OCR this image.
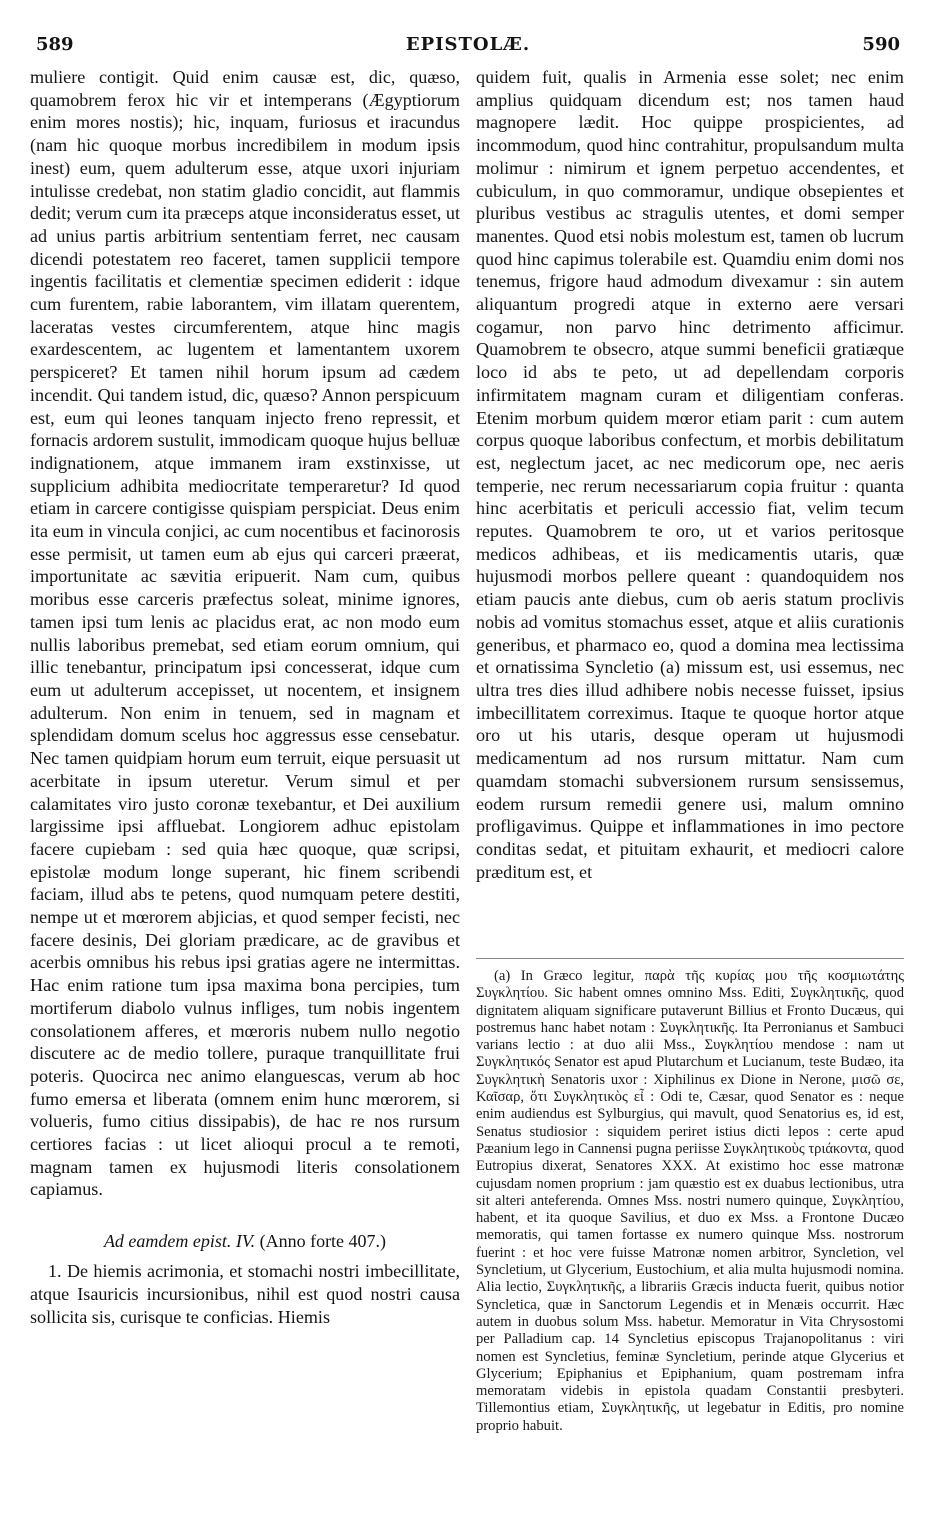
589	EPISTOLÆ.	590

muliere contigit. Quid enim causæ est, dic, quæso, quamobrem ferox hic vir et intemperans (Ægyptiorum enim mores nostis); hic, inquam, furiosus et iracundus (nam hic quoque morbus incredibilem in modum ipsis inest) eum, quem adulterum esse, atque uxori injuriam intulisse credebat, non statim gladio concidit, aut flammis dedit; verum cum ita præceps atque inconsideratus esset, ut ad unius partis arbitrium sententiam ferret, nec causam dicendi potestatem reo faceret, tamen supplicii tempore ingentis facilitatis et clementiæ specimen ediderit : idque cum furentem, rabie laborantem, vim illatam querentem, laceratas vestes circumferentem, atque hinc magis exardescentem, ac lugentem et lamentantem uxorem perspiceret? Et tamen nihil horum ipsum ad cædem incendit. Qui tandem istud, dic, quæso? Annon perspicuum est, eum qui leones tanquam injecto freno repressit, et fornacis ardorem sustulit, immodicam quoque hujus belluæ indignationem, atque immanem iram exstinxisse, ut supplicium adhibita mediocritate temperaretur? Id quod etiam in carcere contigisse quispiam perspiciat. Deus enim ita eum in vincula conjici, ac cum nocentibus et facinorosis esse permisit, ut tamen eum ab ejus qui carceri præerat, importunitate ac sævitia eripuerit. Nam cum, quibus moribus esse carceris præfectus soleat, minime ignores, tamen ipsi tum lenis ac placidus erat, ac non modo eum nullis laboribus premebat, sed etiam eorum omnium, qui illic tenebantur, principatum ipsi concesserat, idque cum eum ut adulterum accepisset, ut nocentem, et insignem adulterum. Non enim in tenuem, sed in magnam et splendidam domum scelus hoc aggressus esse censebatur. Nec tamen quidpiam horum eum terruit, eique persuasit ut acerbitate in ipsum uteretur. Verum simul et per calamitates viro justo coronæ texebantur, et Dei auxilium largissime ipsi affluebat. Longiorem adhuc epistolam facere cupiebam : sed quia hæc quoque, quæ scripsi, epistolæ modum longe superant, hic finem scribendi faciam, illud abs te petens, quod numquam petere destiti, nempe ut et mœrorem abjicias, et quod semper fecisti, nec facere desinis, Dei gloriam prædicare, ac de gravibus et acerbis omnibus his rebus ipsi gratias agere ne intermittas. Hac enim ratione tum ipsa maxima bona percipies, tum mortiferum diabolo vulnus infliges, tum nobis ingentem consolationem afferes, et mœroris nubem nullo negotio discutere ac de medio tollere, puraque tranquillitate frui poteris. Quocirca nec animo elanguescas, verum ab hoc fumo emersa et liberata (omnem enim hunc mœrorem, si volueris, fumo citius dissipabis), de hac re nos rursum certiores facias : ut licet alioqui procul a te remoti, magnam tamen ex hujusmodi literis consolationem capiamus.

Ad eamdem epist. IV. (Anno forte 407.)

1. De hiemis acrimonia, et stomachi nostri imbecillitate, atque Isauricis incursionibus, nihil est quod nostri causa sollicita sis, curisque te conficias. Hiemis

quidem fuit, qualis in Armenia esse solet; nec enim amplius quidquam dicendum est; nos tamen haud magnopere lædit. Hoc quippe prospicientes, ad incommodum, quod hinc contrahitur, propulsandum multa molimur : nimirum et ignem perpetuo accendentes, et cubiculum, in quo commoramur, undique obsepientes et pluribus vestibus ac stragulis utentes, et domi semper manentes. Quod etsi nobis molestum est, tamen ob lucrum quod hinc capimus tolerabile est. Quamdiu enim domi nos tenemus, frigore haud admodum divexamur : sin autem aliquantum progredi atque in externo aere versari cogamur, non parvo hinc detrimento afficimur. Quamobrem te obsecro, atque summi beneficii gratiæque loco id abs te peto, ut ad depellendam corporis infirmitatem magnam curam et diligentiam conferas. Etenim morbum quidem mœror etiam parit : cum autem corpus quoque laboribus confectum, et morbis debilitatum est, neglectum jacet, ac nec medicorum ope, nec aeris temperie, nec rerum necessariarum copia fruitur : quanta hinc acerbitatis et periculi accessio fiat, velim tecum reputes. Quamobrem te oro, ut et varios peritosque medicos adhibeas, et iis medicamentis utaris, quæ hujusmodi morbos pellere queant : quandoquidem nos etiam paucis ante diebus, cum ob aeris statum proclivis nobis ad vomitus stomachus esset, atque et aliis curationis generibus, et pharmaco eo, quod a domina mea lectissima et ornatissima Syncletio (a) missum est, usi essemus, nec ultra tres dies illud adhibere nobis necesse fuisset, ipsius imbecillitatem correximus. Itaque te quoque hortor atque oro ut his utaris, desque operam ut hujusmodi medicamentum ad nos rursum mittatur. Nam cum quamdam stomachi subversionem rursum sensissemus, eodem rursum remedii genere usi, malum omnino profligavimus. Quippe et inflammationes in imo pectore conditas sedat, et pituitam exhaurit, et mediocri calore præditum est, et

(a) In Græco legitur, παρὰ τῆς κυρίας μου τῆς κοσμιωτάτης Συγκλητίου. Sic habent omnes omnino Mss. Editi, Συγκλητικῆς, quod dignitatem aliquam significare putaverunt Billius et Fronto Ducæus, qui postremus hanc habet notam : Συγκλητικῆς. Ita Perronianus et Sambuci varians lectio : at duo alii Mss., Συγκλητίου mendose : nam ut Συγκλητικός Senator est apud Plutarchum et Lucianum, teste Budæo, ita Συγκλητικὴ Senatoris uxor : Xiphilinus ex Dione in Nerone, μισῶ σε, Καῖσαρ, ὅτι Συγκλητικὸς εἶ : Odi te, Cæsar, quod Senator es : neque enim audiendus est Sylburgius, qui mavult, quod Senatorius es, id est, Senatus studiosior : siquidem periret istius dicti lepos : certe apud Pæanium lego in Cannensi pugna periisse Συγκλητικοὺς τριάκοντα, quod Eutropius dixerat, Senatores XXX. At existimo hoc esse matronæ cujusdam nomen proprium : jam quæstio est ex duabus lectionibus, utra sit alteri anteferenda. Omnes Mss. nostri numero quinque, Συγκλητίου, habent, et ita quoque Savilius, et duo ex Mss. a Frontone Ducæo memoratis, qui tamen fortasse ex numero quinque Mss. nostrorum fuerint : et hoc vere fuisse Matronæ nomen arbitror, Syncletion, vel Syncletium, ut Glycerium, Eustochium, et alia multa hujusmodi nomina. Alia lectio, Συγκλητικῆς, a librariis Græcis inducta fuerit, quibus notior Syncletica, quæ in Sanctorum Legendis et in Menæis occurrit. Hæc autem in duobus solum Mss. habetur. Memoratur in Vita Chrysostomi per Palladium cap. 14 Syncletius episcopus Trajanopolitanus : viri nomen est Syncletius, feminæ Syncletium, perinde atque Glycerius et Glycerium; Epiphanius et Epiphanium, quam postremam infra memoratam videbis in epistola quadam Constantii presbyteri. Tillemontius etiam, Συγκλητικῆς, ut legebatur in Editis, pro nomine proprio habuit.
